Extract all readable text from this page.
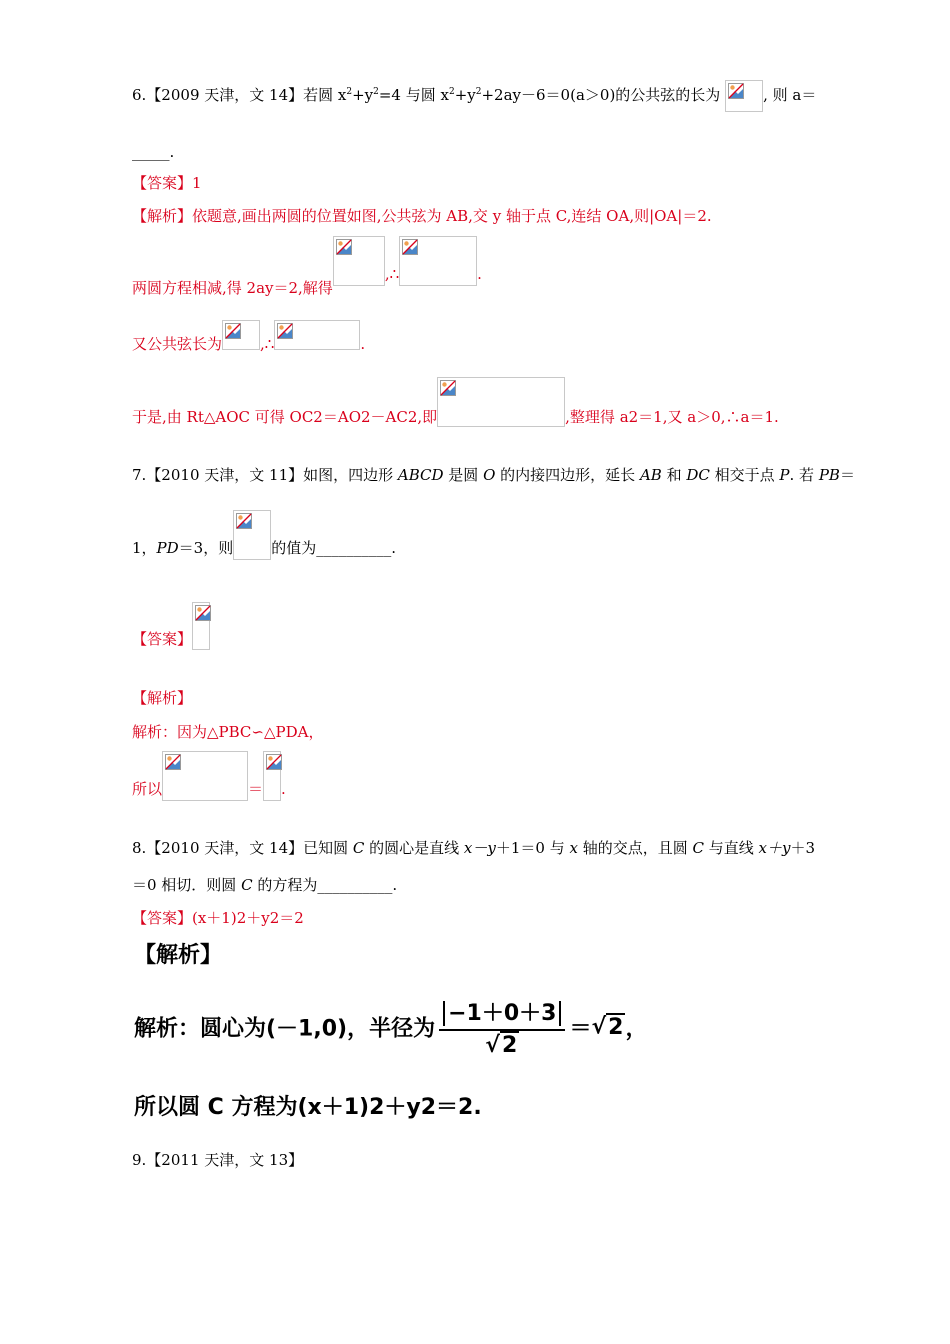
6.【2009 天津，文 14】若圆 $x^2+y^2=4$ 与圆 $x^2+y^2+2ay-6=0(a>0)$的公共弦的长为	, 则 a＝
_____.
【答案】1
【解析】依题意,画出两圆的位置如图,公共弦为 AB,交 y 轴于点 C,连结 OA,则|OA|＝2.
两圆方程相减,得 2ay＝2,解得
,∴	.
又公共弦长为	,∴	.
于是,由 Rt△AOC 可得 OC2＝AO2－AC2,即	,整理得 a2＝1,又 a＞0,∴a＝1.
7.【2010 天津，文 11】如图，四边形 ABCD 是圆 O 的内接四边形，延长 AB 和 DC 相交于点 P. 若 PB＝
1，PD＝3，则	的值为__________.
【答案】
【解析】
解析：因为△PBC∽△PDA，
所以	＝ .
8.【2010 天津，文 14】已知圆 C 的圆心是直线 x－y＋1＝0 与 x 轴的交点，且圆 C 与直线 x＋y＋3
＝0 相切．则圆 C 的方程为__________.
【答案】(x＋1)2＋y2＝2
【解析】
解析：圆心为(－1,0)，半径为 $\frac{-1+0+3}{√2} =√2$，
所以圆 C 方程为(x＋1)2＋y2＝2.
9.【2011 天津，文 13】
